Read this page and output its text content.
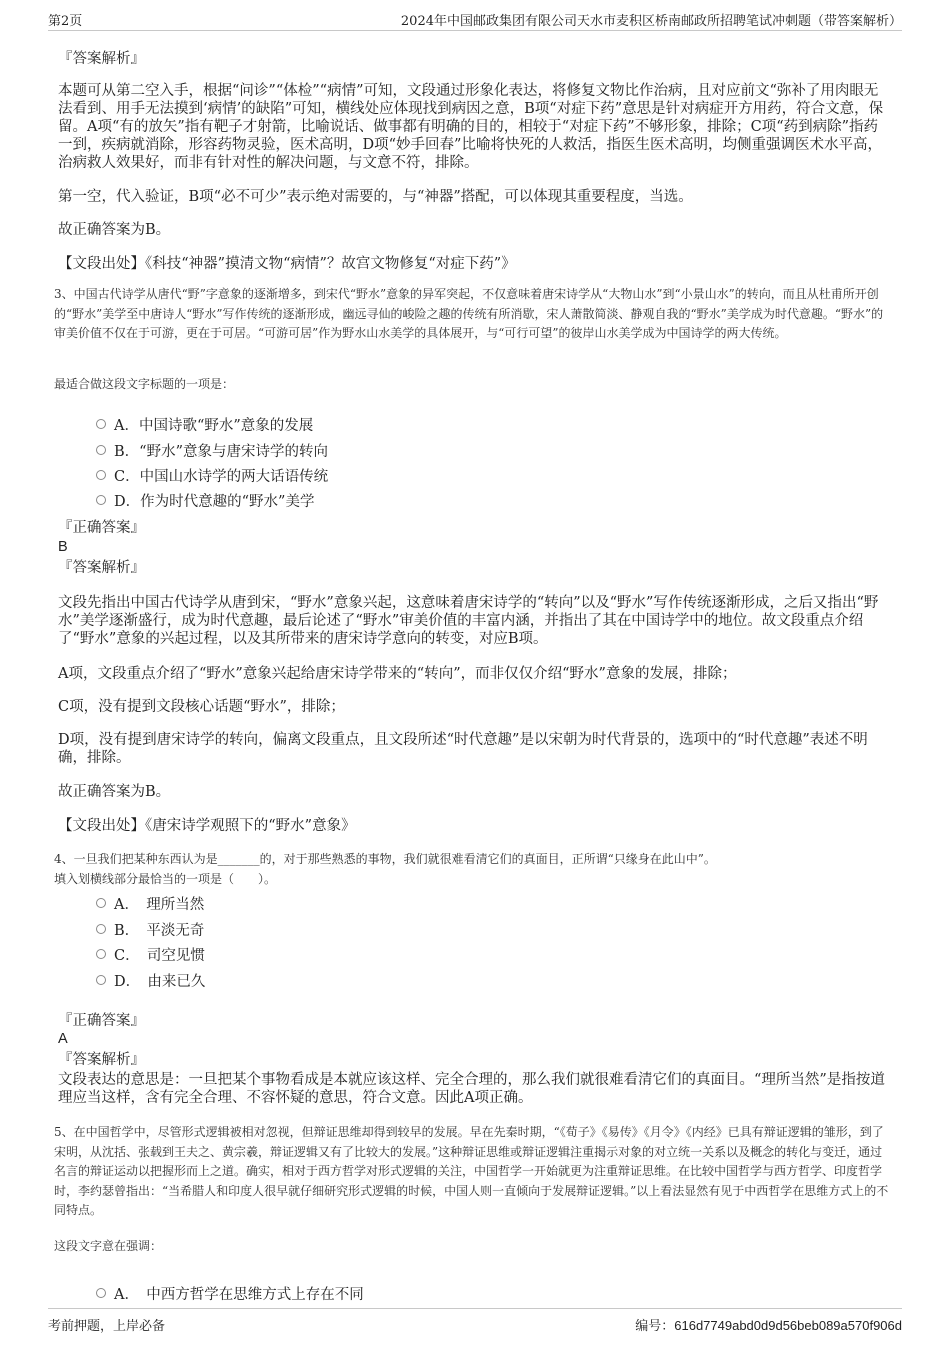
第2页	2024年中国邮政集团有限公司天水市麦积区桥南邮政所招聘笔试冲刺题（带答案解析）
『答案解析』
本题可从第二空入手，根据“问诊”“体检”“病情”可知，文段通过形象化表达，将修复文物比作治病，且对应前文“弥补了用肉眼无法看到、用手无法摸到‘病情’的缺陷”可知，横线处应体现找到病因之意，B项“对症下药”意思是针对病症开方用药，符合文意，保留。A项“有的放矢”指有靶子才射箭，比喻说话、做事都有明确的目的，相较于“对症下药”不够形象，排除；C项“药到病除”指药一到，疾病就消除，形容药物灵验，医术高明，D项“妙手回春”比喻将快死的人救活，指医生医术高明，均侧重强调医术水平高，治病救人效果好，而非有针对性的解决问题，与文意不符，排除。
第一空，代入验证，B项“必不可少”表示绝对需要的，与“神器”搭配，可以体现其重要程度，当选。
故正确答案为B。
【文段出处】《科技“神器”摸清文物“病情”？故宫文物修复“对症下药”》
3、中国古代诗学从唐代“野”字意象的逐渐增多，到宋代“野水”意象的异军突起，不仅意味着唐宋诗学从“大物山水”到“小景山水”的转向，而且从杜甫所开创的“野水”美学至中唐诗人“野水”写作传统的逐渐形成，幽远寻仙的峻险之趣的传统有所消歇，宋人萧散简淡、静观自我的“野水”美学成为时代意趣。“野水”的审美价值不仅在于可游，更在于可居。“可游可居”作为野水山水美学的具体展开，与“可行可望”的彼岸山水美学成为中国诗学的两大传统。
最适合做这段文字标题的一项是：
A．中国诗歌“野水”意象的发展
B．“野水”意象与唐宋诗学的转向
C．中国山水诗学的两大话语传统
D．作为时代意趣的“野水”美学
『正确答案』
B
『答案解析』
文段先指出中国古代诗学从唐到宋，“野水”意象兴起，这意味着唐宋诗学的“转向”以及“野水”写作传统逐渐形成，之后又指出“野水”美学逐渐盛行，成为时代意趣，最后论述了“野水”审美价值的丰富内涵，并指出了其在中国诗学中的地位。故文段重点介绍了“野水”意象的兴起过程，以及其所带来的唐宋诗学意向的转变，对应B项。
A项，文段重点介绍了“野水”意象兴起给唐宋诗学带来的“转向”，而非仅仅介绍“野水”意象的发展，排除；
C项，没有提到文段核心话题“野水”，排除；
D项，没有提到唐宋诗学的转向，偏离文段重点，且文段所述“时代意趣”是以宋朝为时代背景的，选项中的“时代意趣”表述不明确，排除。
故正确答案为B。
【文段出处】《唐宋诗学观照下的“野水”意象》
4、一旦我们把某种东西认为是_______的，对于那些熟悉的事物，我们就很难看清它们的真面目，正所谓“只缘身在此山中”。
填入划横线部分最恰当的一项是（　　）。
A．　理所当然
B．　平淡无奇
C．　司空见惯
D．　由来已久
『正确答案』
A
『答案解析』
文段表达的意思是：一旦把某个事物看成是本就应该这样、完全合理的，那么我们就很难看清它们的真面目。“理所当然”是指按道理应当这样，含有完全合理、不容怀疑的意思，符合文意。因此A项正确。
5、在中国哲学中，尽管形式逻辑被相对忽视，但辩证思维却得到较早的发展。早在先秦时期，“《荀子》《易传》《月令》《内经》已具有辩证逻辑的雏形，到了宋明，从沈括、张载到王夫之、黄宗羲，辩证逻辑又有了比较大的发展。”这种辩证思维或辩证逻辑注重揭示对象的对立统一关系以及概念的转化与变迁，通过名言的辩证运动以把握形而上之道。确实，相对于西方哲学对形式逻辑的关注，中国哲学一开始就更为注重辩证思维。在比较中国哲学与西方哲学、印度哲学时，李约瑟曾指出：“当希腊人和印度人很早就仔细研究形式逻辑的时候，中国人则一直倾向于发展辩证逻辑。”以上看法显然有见于中西哲学在思维方式上的不同特点。
这段文字意在强调：
A．　中西方哲学在思维方式上存在不同
考前押题，上岸必备	编号：616d7749abd0d9d56beb089a570f906d
